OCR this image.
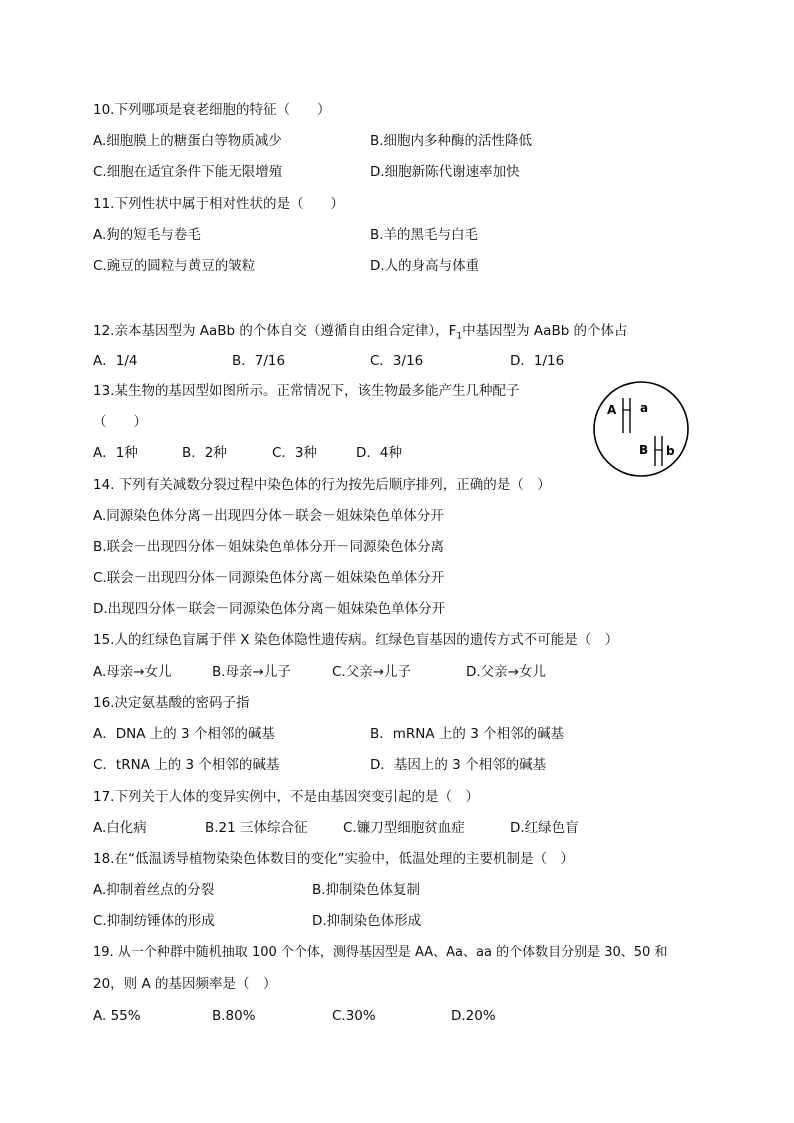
10.下列哪项是衰老细胞的特征（　　）
A.细胞膜上的糖蛋白等物质减少	B.细胞内多种酶的活性降低
C.细胞在适宜条件下能无限增殖	D.细胞新陈代谢速率加快
11.下列性状中属于相对性状的是（　　）
A.狗的短毛与卷毛	B.羊的黑毛与白毛
C.豌豆的圆粒与黄豆的皱粒	D.人的身高与体重
12.亲本基因型为 AaBb 的个体自交（遵循自由组合定律），$F_1$中基因型为 AaBb 的个体占
A．1/4	B．7/16	C．3/16	D．1/16
13.某生物的基因型如图所示。正常情况下，该生物最多能产生几种配子
（　　）
A．1种	B．2种	C．3种	D．4种
A a
B b
14. 下列有关减数分裂过程中染色体的行为按先后顺序排列，正确的是（　）
A.同源染色体分离－出现四分体－联会－姐妹染色单体分开
B.联会－出现四分体－姐妹染色单体分开－同源染色体分离
C.联会－出现四分体－同源染色体分离－姐妹染色单体分开
D.出现四分体－联会－同源染色体分离－姐妹染色单体分开
15.人的红绿色盲属于伴 X 染色体隐性遗传病。红绿色盲基因的遗传方式不可能是（　）
A.母亲→女儿	B.母亲→儿子	C.父亲→儿子	D.父亲→女儿
16.决定氨基酸的密码子指
A．DNA 上的 3 个相邻的碱基	B．mRNA 上的 3 个相邻的碱基
C．tRNA 上的 3 个相邻的碱基	D．基因上的 3 个相邻的碱基
17.下列关于人体的变异实例中，不是由基因突变引起的是（　）
A.白化病	B.21 三体综合征	C.镰刀型细胞贫血症	D.红绿色盲
18.在“低温诱导植物染染色体数目的变化”实验中，低温处理的主要机制是（　）
A.抑制着丝点的分裂	B.抑制染色体复制
C.抑制纺锤体的形成	D.抑制染色体形成
19. 从一个种群中随机抽取 100 个个体，测得基因型是 AA、Aa、aa 的个体数目分别是 30、50 和
20，则 A 的基因频率是（　）
A. 55%	B.80%	C.30%	D.20%
